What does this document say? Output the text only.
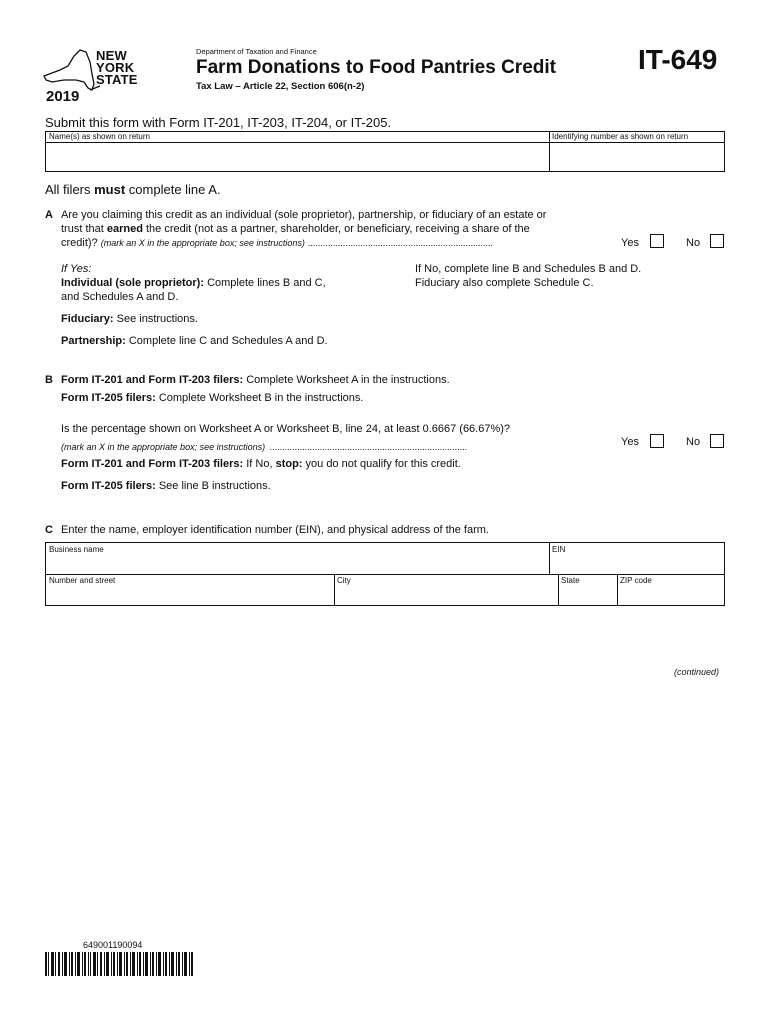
NEW
YORK
STATE
2019
Department of Taxation and Finance
Farm Donations to Food Pantries Credit
Tax Law – Article 22, Section 606(n-2)
IT-649
Submit this form with Form IT-201, IT-203, IT-204, or IT-205.
Name(s) as shown on return	Identifying number as shown on return
All filers must complete line A.
A Are you claiming this credit as an individual (sole proprietor), partnership, or fiduciary of an estate or
trust that earned the credit (not as a partner, shareholder, or beneficiary, receiving a share of the
credit)? (mark an X in the appropriate box; see instructions) ..........................................................................	Yes	No
If Yes:
Individual (sole proprietor): Complete lines B and C,
and Schedules A and D.
If No, complete line B and Schedules B and D.
Fiduciary also complete Schedule C.
Fiduciary: See instructions.
Partnership: Complete line C and Schedules A and D.
B Form IT-201 and Form IT-203 filers: Complete Worksheet A in the instructions.
Form IT-205 filers: Complete Worksheet B in the instructions.
Is the percentage shown on Worksheet A or Worksheet B, line 24, at least 0.6667 (66.67%)?
(mark an X in the appropriate box; see instructions) ...............................................................................	Yes	No
Form IT-201 and Form IT-203 filers: If No, stop: you do not qualify for this credit.
Form IT-205 filers: See line B instructions.
C Enter the name, employer identification number (EIN), and physical address of the farm.
Business name	EIN
Number and street	City	State	ZIP code
(continued)
649001190094
